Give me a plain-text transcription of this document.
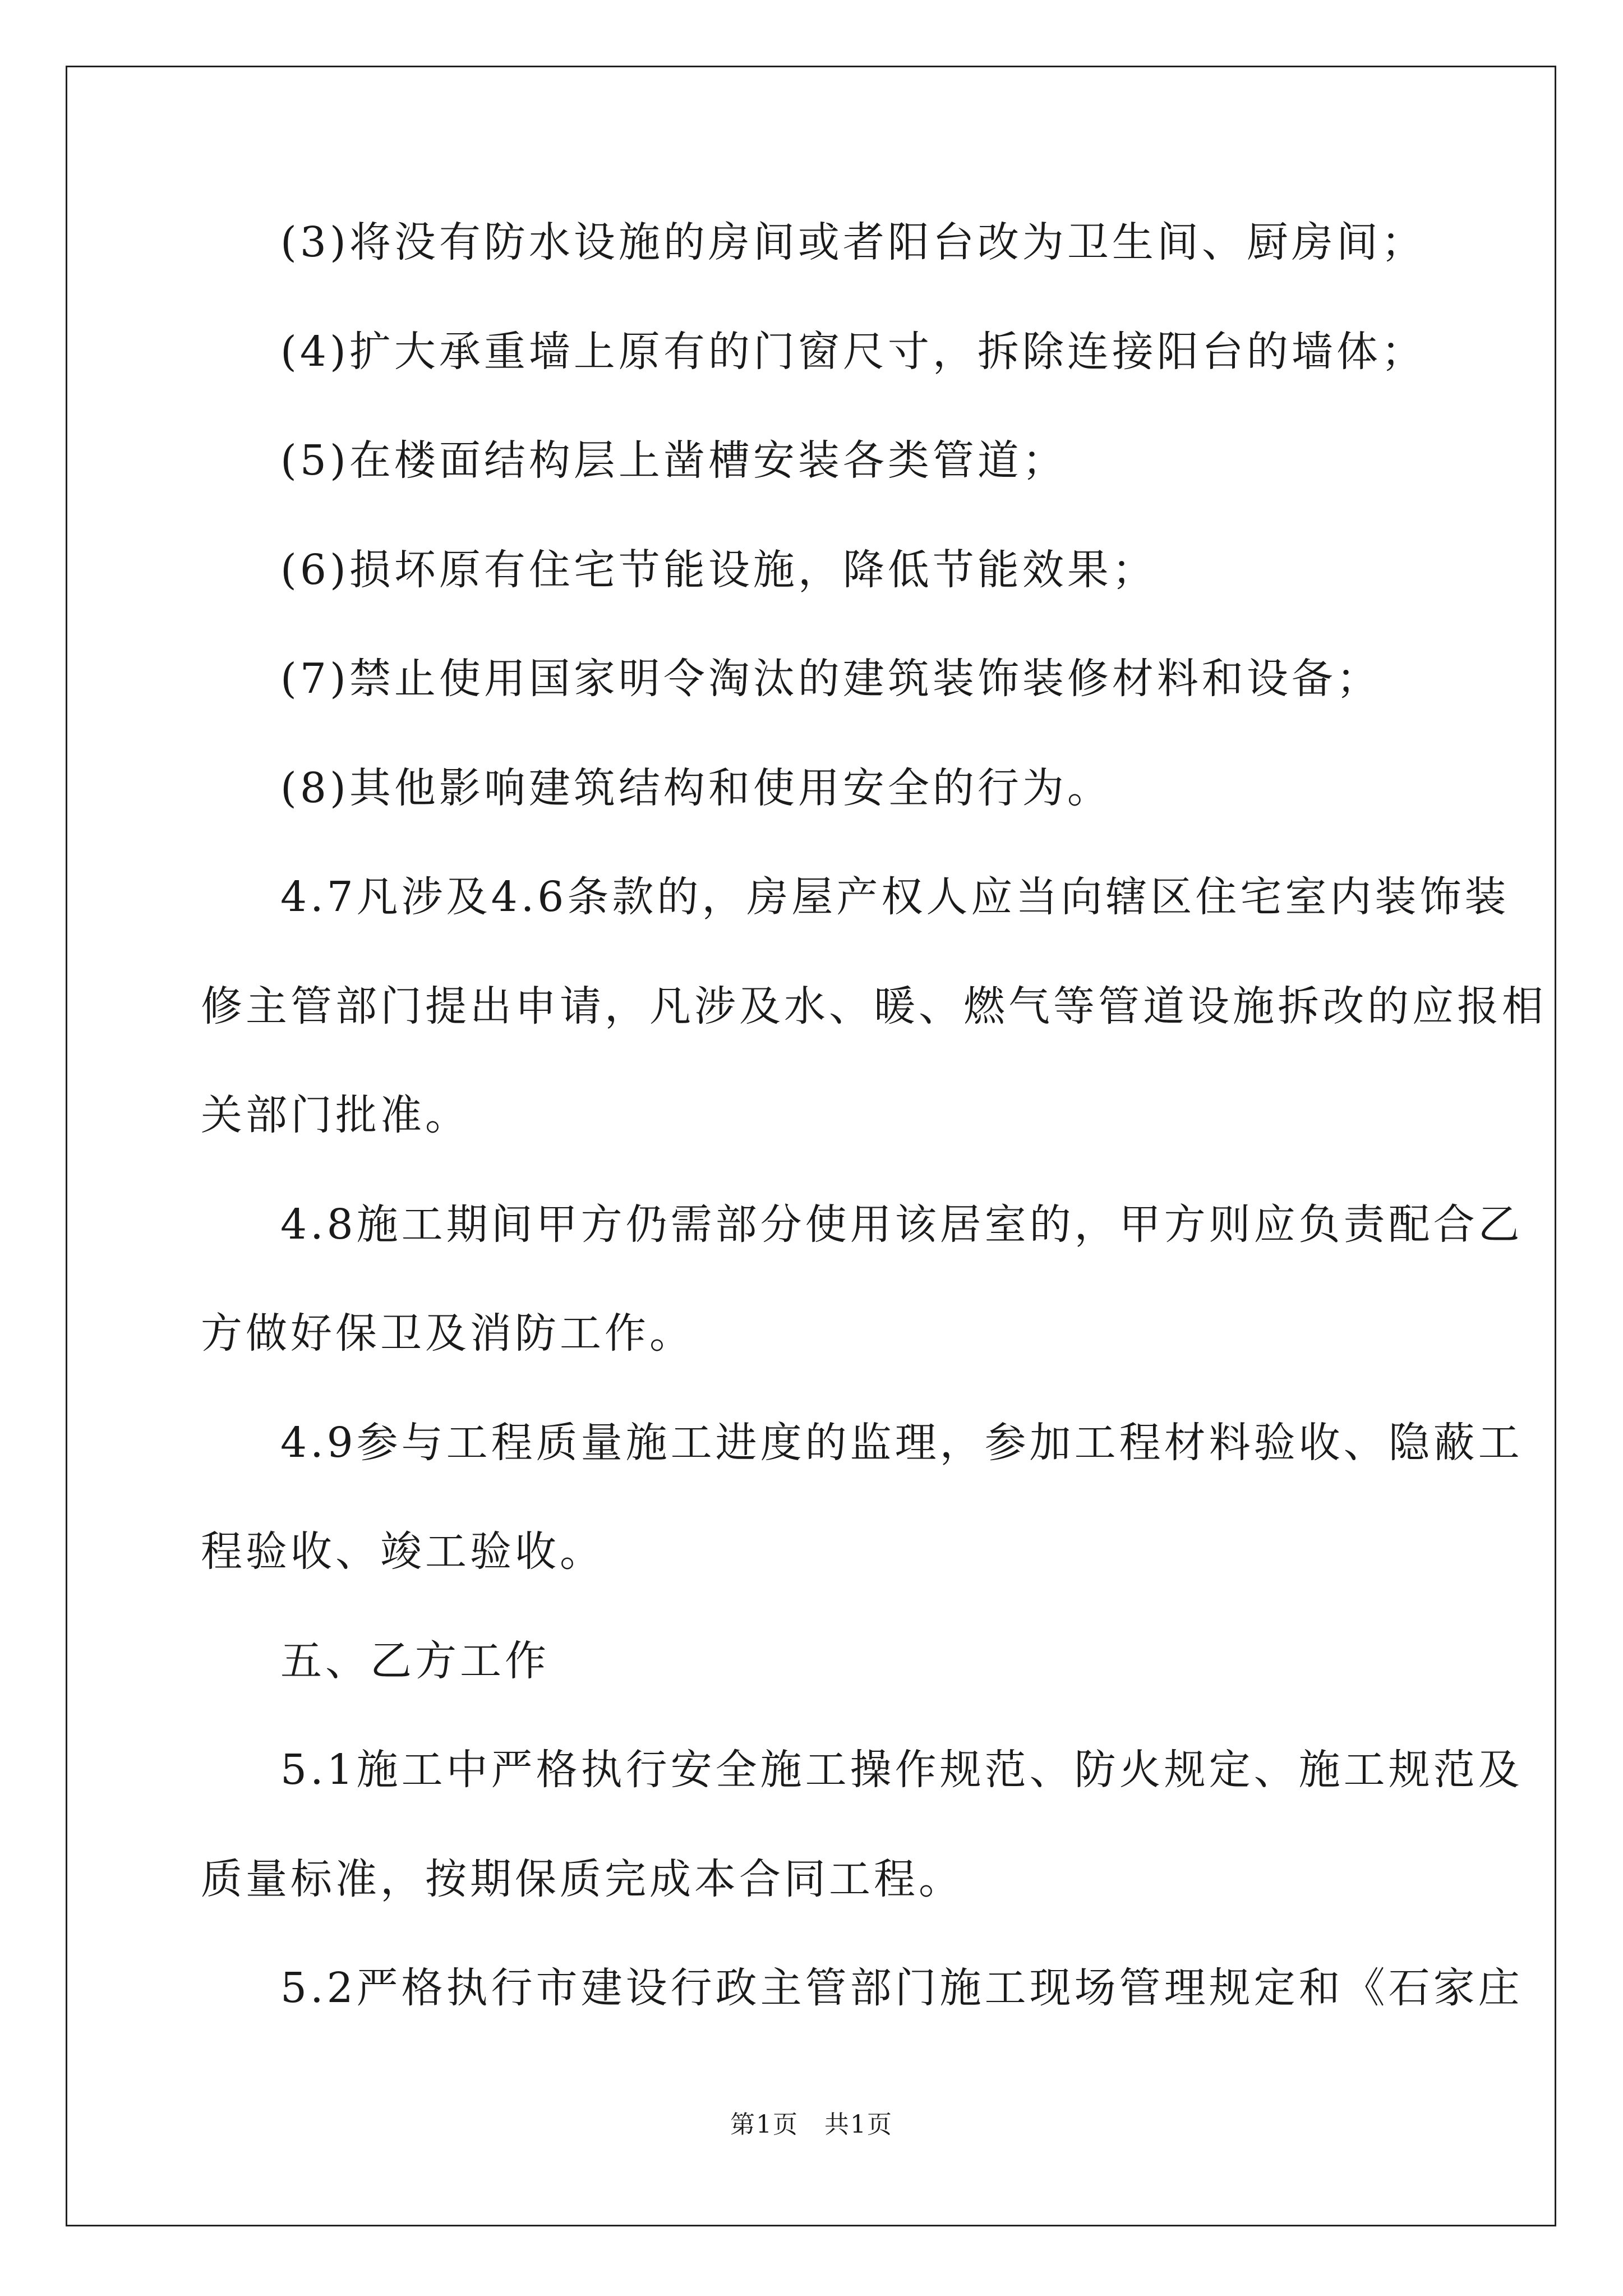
(3)将没有防水设施的房间或者阳台改为卫生间、厨房间；
(4)扩大承重墙上原有的门窗尺寸，拆除连接阳台的墙体；
(5)在楼面结构层上凿槽安装各类管道；
(6)损坏原有住宅节能设施，降低节能效果；
(7)禁止使用国家明令淘汰的建筑装饰装修材料和设备；
(8)其他影响建筑结构和使用安全的行为。
4.7凡涉及4.6条款的，房屋产权人应当向辖区住宅室内装饰装
修主管部门提出申请，凡涉及水、暖、燃气等管道设施拆改的应报相
关部门批准。
4.8施工期间甲方仍需部分使用该居室的，甲方则应负责配合乙
方做好保卫及消防工作。
4.9参与工程质量施工进度的监理，参加工程材料验收、隐蔽工
程验收、竣工验收。
五、乙方工作
5.1施工中严格执行安全施工操作规范、防火规定、施工规范及
质量标准，按期保质完成本合同工程。
5.2严格执行市建设行政主管部门施工现场管理规定和《石家庄
第1页　共1页
